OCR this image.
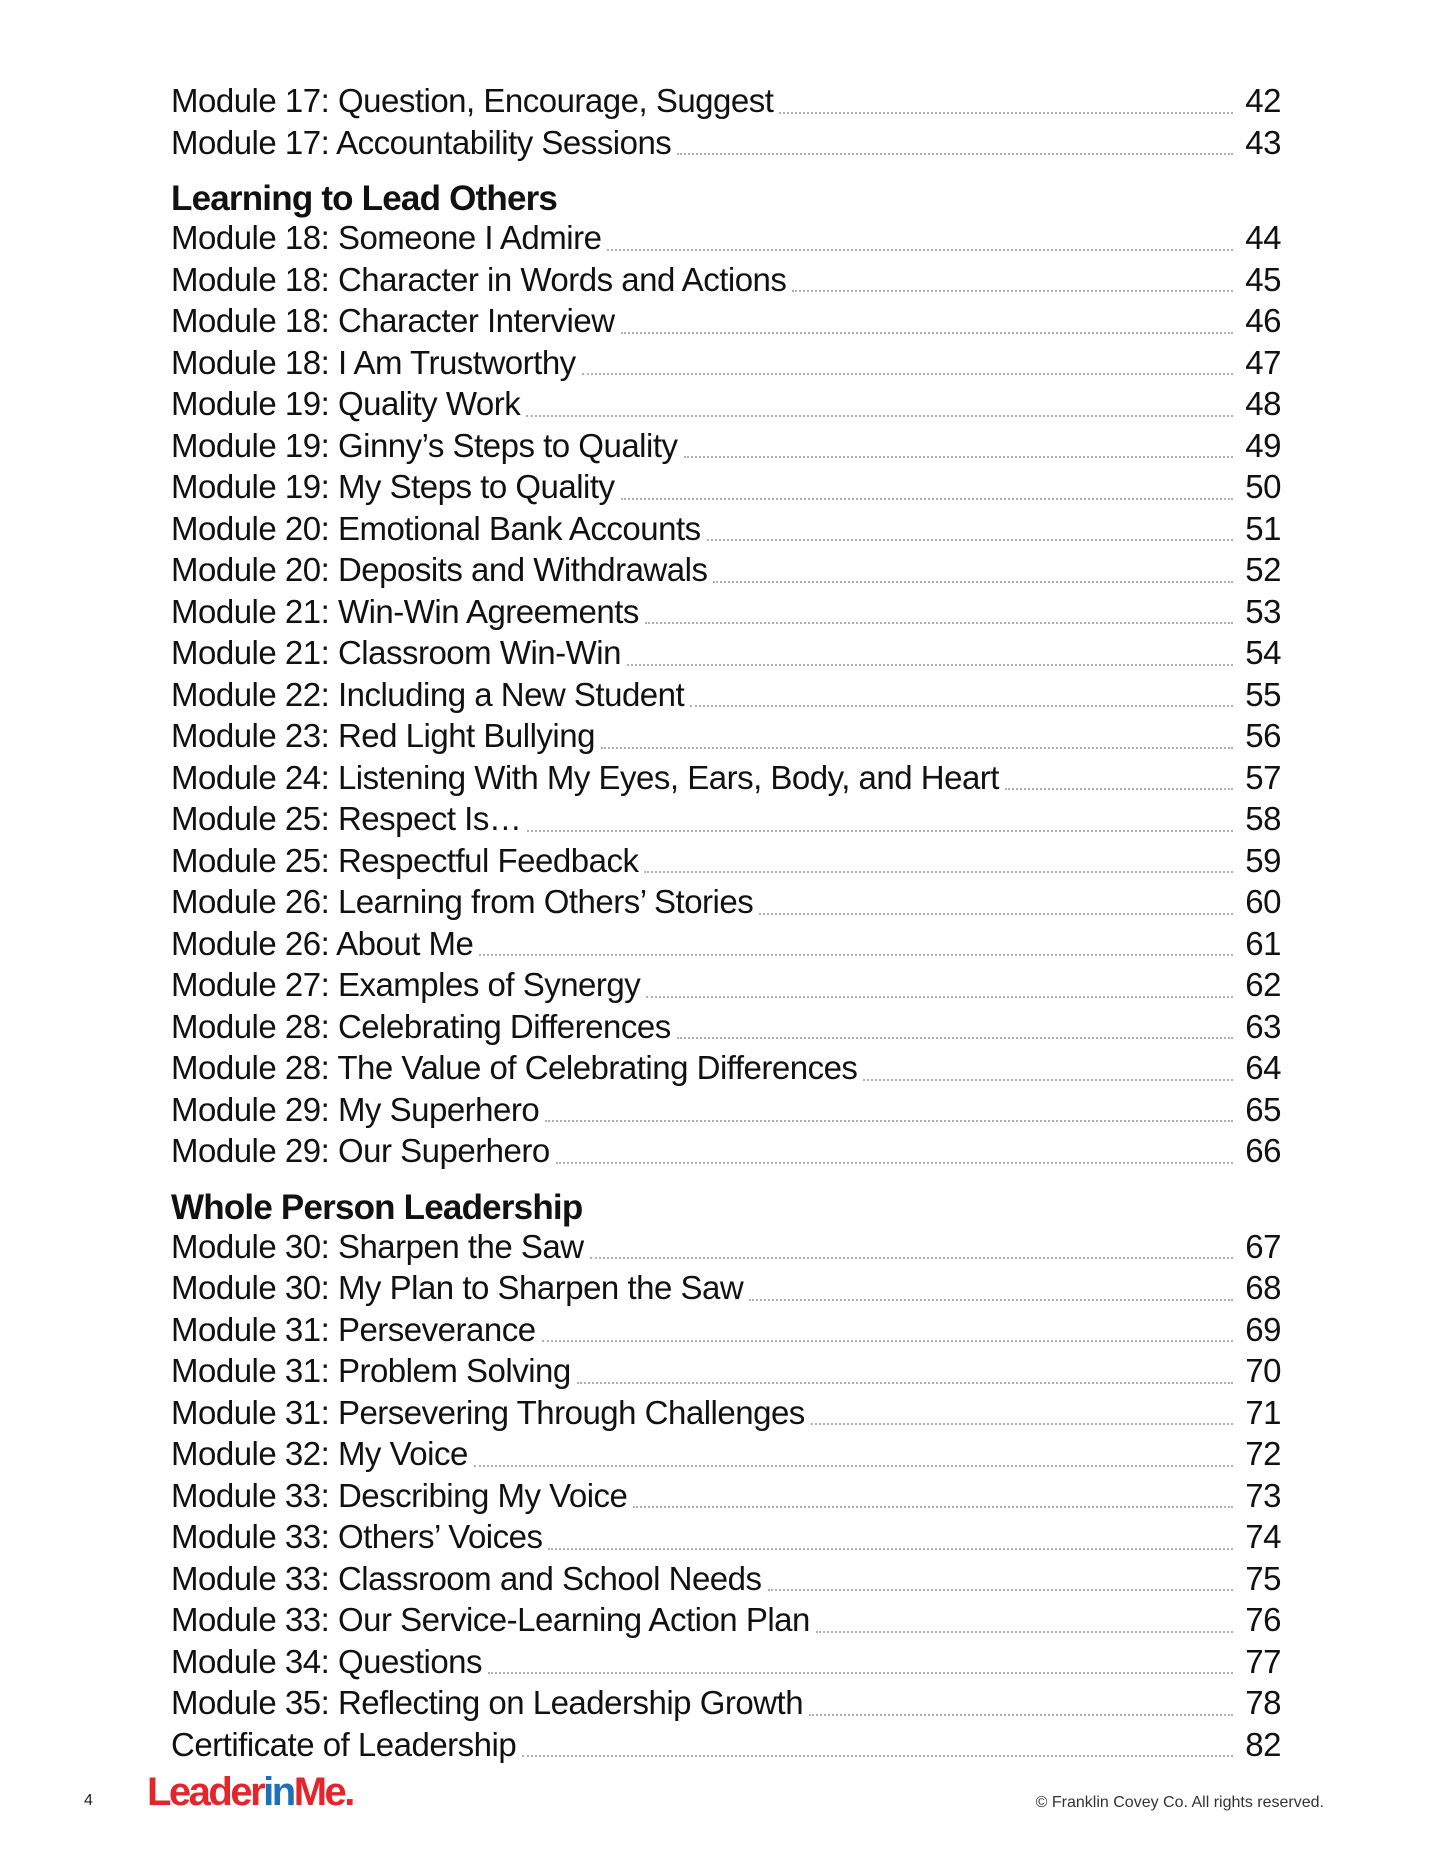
Module 17: Question, Encourage, Suggest	42
Module 17: Accountability Sessions	43
Learning to Lead Others
Module 18: Someone I Admire	44
Module 18: Character in Words and Actions	45
Module 18: Character Interview	46
Module 18: I Am Trustworthy	47
Module 19: Quality Work	48
Module 19: Ginny’s Steps to Quality	49
Module 19: My Steps to Quality	50
Module 20: Emotional Bank Accounts	51
Module 20: Deposits and Withdrawals	52
Module 21: Win-Win Agreements	53
Module 21: Classroom Win-Win	54
Module 22: Including a New Student	55
Module 23: Red Light Bullying	56
Module 24: Listening With My Eyes, Ears, Body, and Heart	57
Module 25: Respect Is…	58
Module 25: Respectful Feedback	59
Module 26: Learning from Others’ Stories	60
Module 26: About Me	61
Module 27: Examples of Synergy	62
Module 28: Celebrating Differences	63
Module 28: The Value of Celebrating Differences	64
Module 29: My Superhero	65
Module 29: Our Superhero	66
Whole Person Leadership
Module 30: Sharpen the Saw	67
Module 30: My Plan to Sharpen the Saw	68
Module 31: Perseverance	69
Module 31: Problem Solving	70
Module 31: Persevering Through Challenges	71
Module 32: My Voice	72
Module 33: Describing My Voice	73
Module 33: Others’ Voices	74
Module 33: Classroom and School Needs	75
Module 33: Our Service-Learning Action Plan	76
Module 34: Questions	77
Module 35: Reflecting on Leadership Growth	78
Certificate of Leadership	82
4 LeaderinMe.	© Franklin Covey Co. All rights reserved.
